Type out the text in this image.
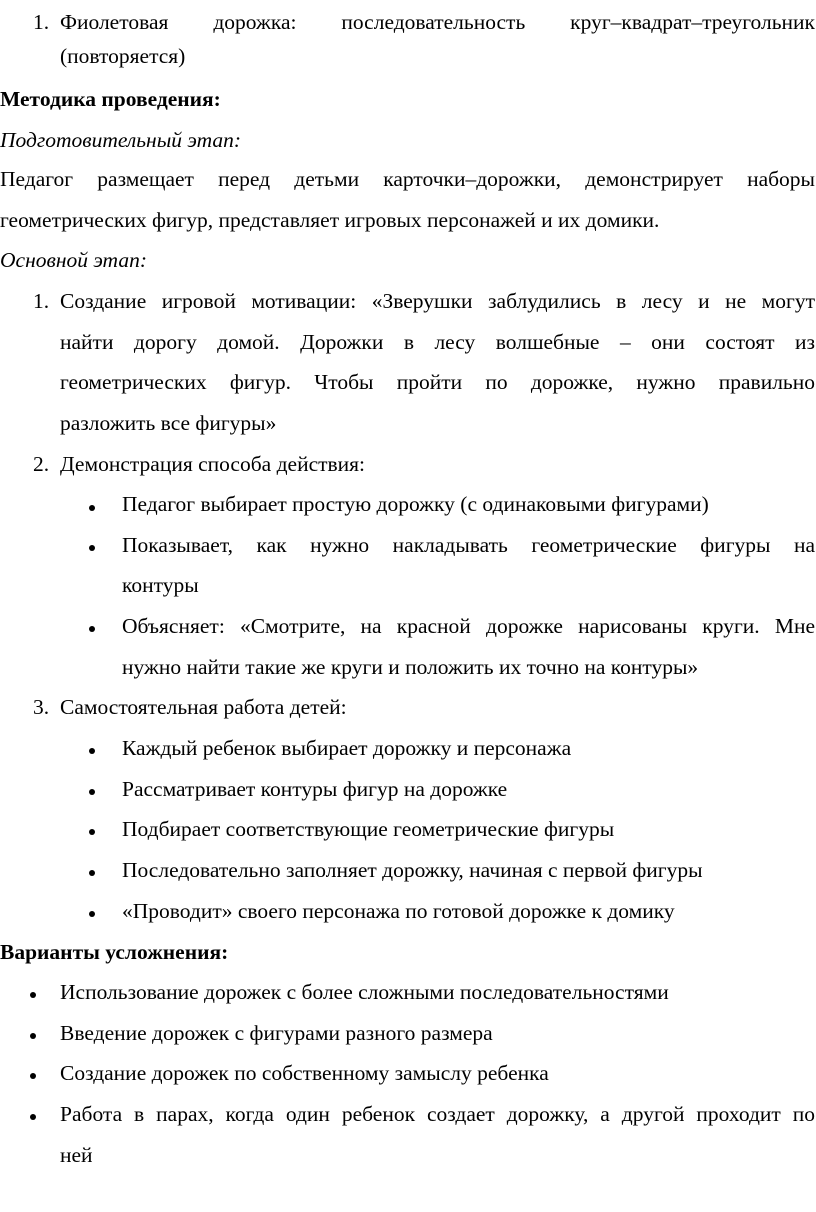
1. Фиолетовая дорожка: последовательность круг–квадрат–треугольник
(повторяется)
Методика проведения:
Подготовительный этап:
Педагог размещает перед детьми карточки–дорожки, демонстрирует наборы
геометрических фигур, представляет игровых персонажей и их домики.
Основной этап:
1. Создание игровой мотивации: «Зверушки заблудились в лесу и не могут
найти дорогу домой. Дорожки в лесу волшебные – они состоят из
геометрических фигур. Чтобы пройти по дорожке, нужно правильно
разложить все фигуры»
2. Демонстрация способа действия:
Педагог выбирает простую дорожку (с одинаковыми фигурами)
Показывает, как нужно накладывать геометрические фигуры на
контуры
Объясняет: «Смотрите, на красной дорожке нарисованы круги. Мне
нужно найти такие же круги и положить их точно на контуры»
3. Самостоятельная работа детей:
Каждый ребенок выбирает дорожку и персонажа
Рассматривает контуры фигур на дорожке
Подбирает соответствующие геометрические фигуры
Последовательно заполняет дорожку, начиная с первой фигуры
«Проводит» своего персонажа по готовой дорожке к домику
Варианты усложнения:
Использование дорожек с более сложными последовательностями
Введение дорожек с фигурами разного размера
Создание дорожек по собственному замыслу ребенка
Работа в парах, когда один ребенок создает дорожку, а другой проходит по
ней
